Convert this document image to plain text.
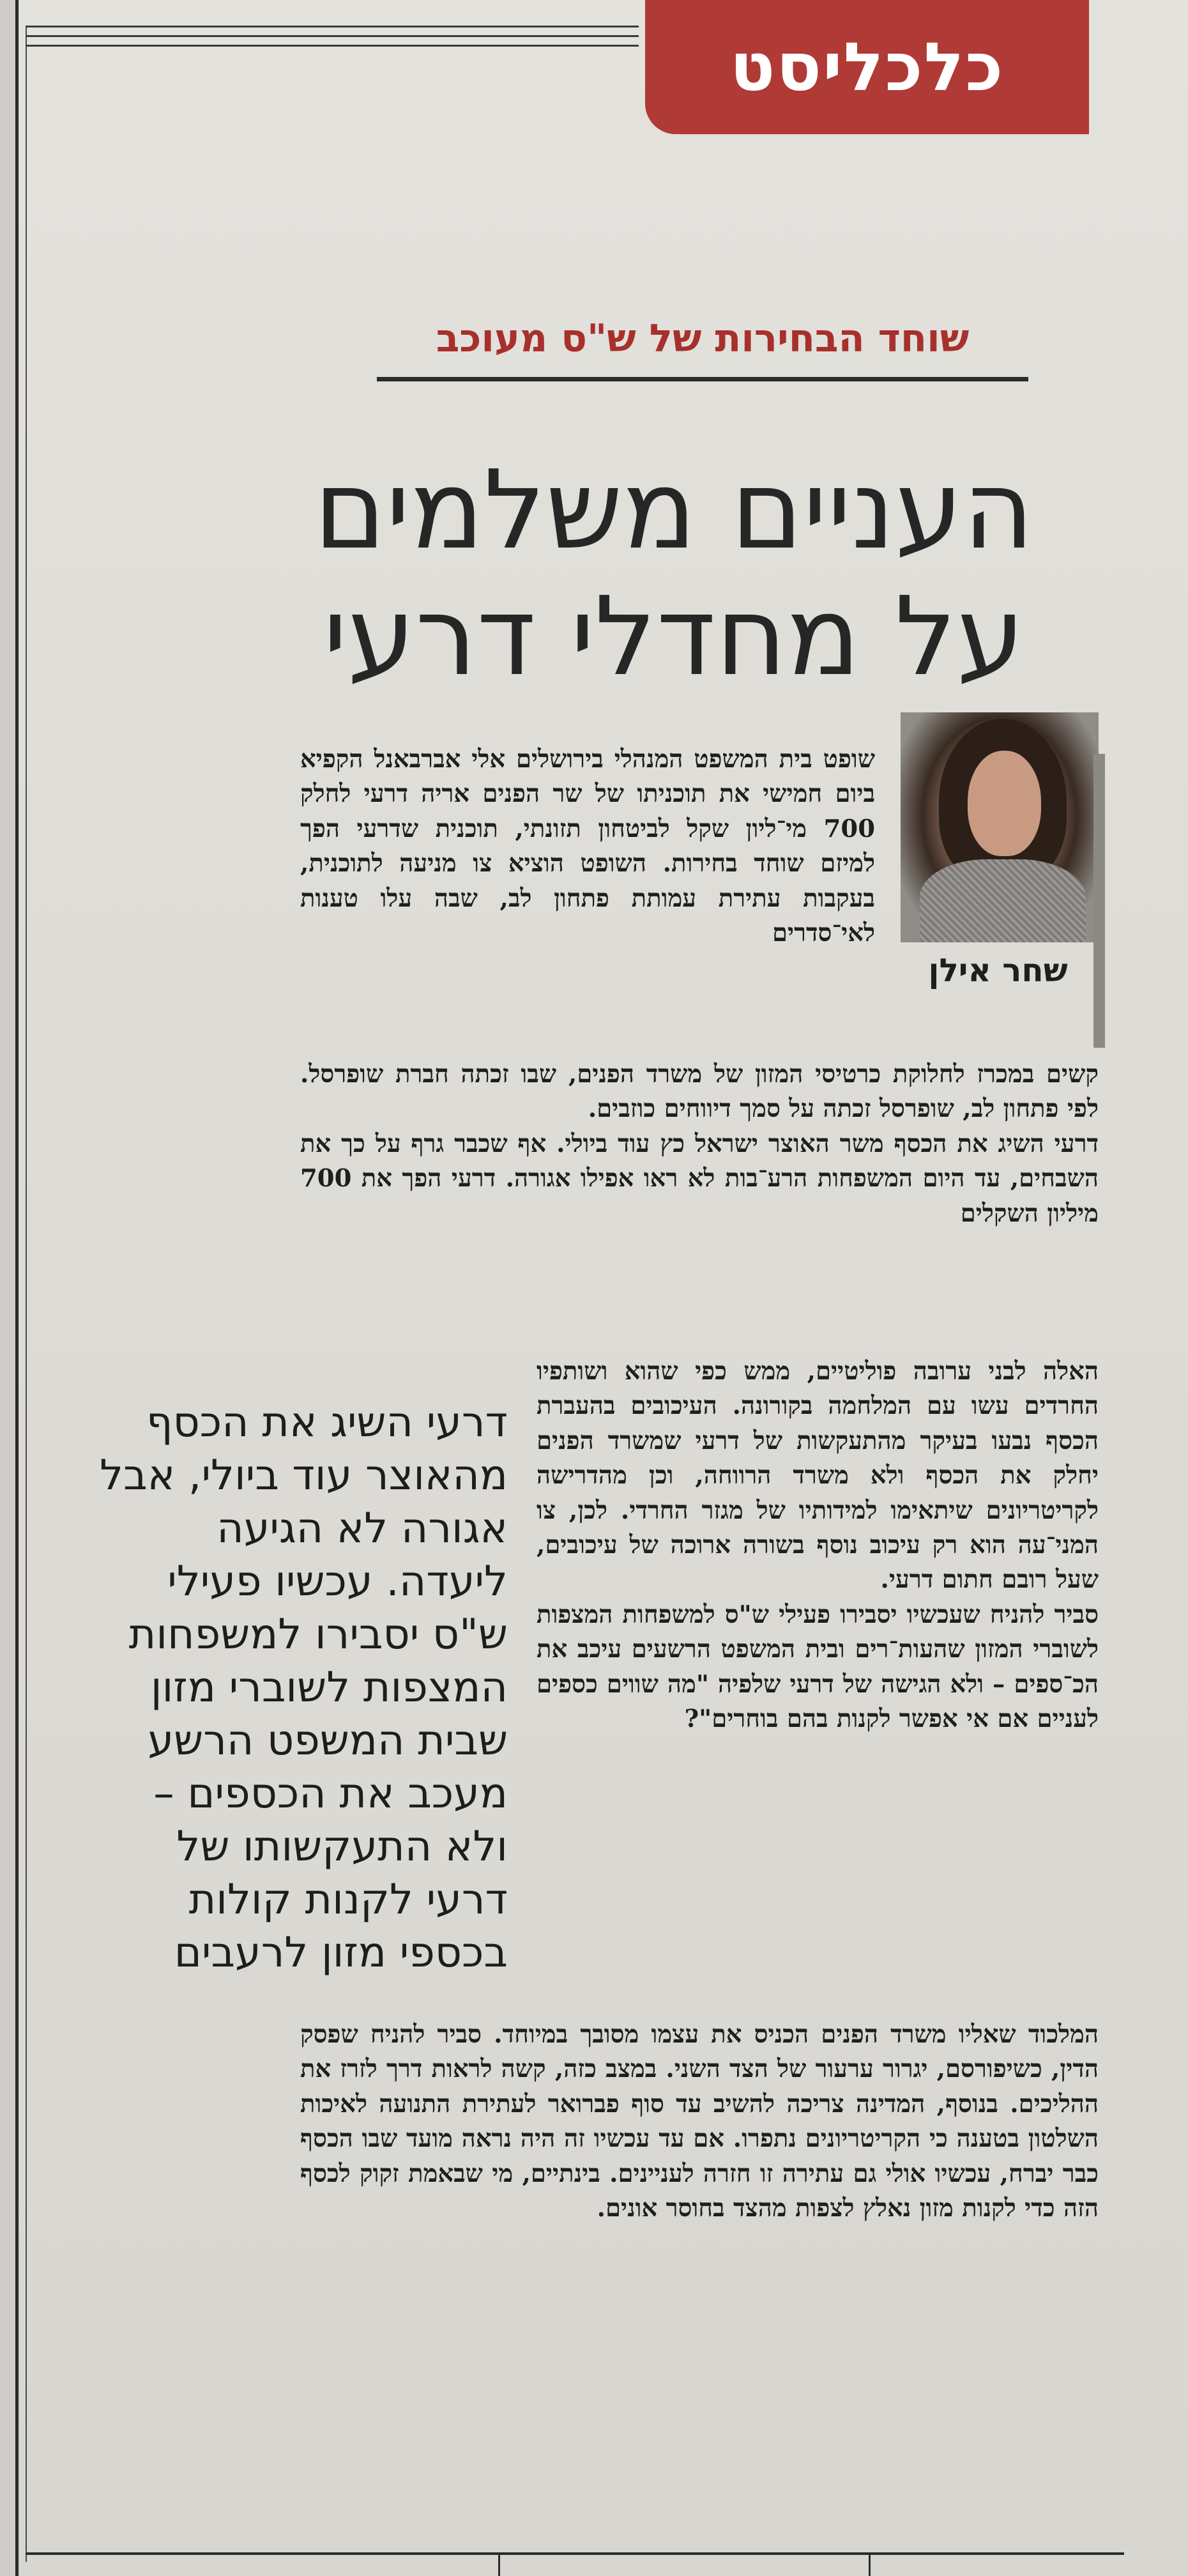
כלכליסט
שוחד הבחירות של ש"ס מעוכב
העניים משלמים
על מחדלי דרעי
שחר אילן

שופט בית המשפט המנהלי בירושלים אלי אברבאנל הקפיא ביום חמישי את תוכניתו של שר הפנים אריה דרעי לחלק 700 מי־ליון שקל לביטחון תזונתי, תוכנית שדרעי הפך למיזם שוחד בחירות. השופט הוציא צו מניעה לתוכנית, בעקבות עתירת עמותת פתחון לב, שבה עלו טענות לאי־סדרים

קשים במכרז לחלוקת כרטיסי המזון של משרד הפנים, שבו זכתה חברת שופרסל. לפי פתחון לב, שופרסל זכתה על סמך דיווחים כוזבים.

דרעי השיג את הכסף משר האוצר ישראל כץ עוד ביולי. אף שכבר גרף על כך את השבחים, עד היום המשפחות הרע־בות לא ראו אפילו אגורה. דרעי הפך את 700 מיליון השקלים

האלה לבני ערובה פוליטיים, ממש כפי שהוא ושותפיו החרדים עשו עם המלחמה בקורונה. העיכובים בהעברת הכסף נבעו בעיקר מהתעקשות של דרעי שמשרד הפנים יחלק את הכסף ולא משרד הרווחה, וכן מהדרישה לקריטריונים שיתאימו למידותיו של מגזר החרדי. לכן, צו המני־עה הוא רק עיכוב נוסף בשורה ארוכה של עיכובים, שעל רובם חתום דרעי.

סביר להניח שעכשיו יסבירו פעילי ש"ס למשפחות המצפות לשוברי המזון שהעות־רים ובית המשפט הרשעים עיכב את הכ־ספים – ולא הגישה של דרעי שלפיה "מה שווים כספים לעניים אם אי אפשר לקנות בהם בוחרים"?

דרעי השיג את הכסף מהאוצר עוד ביולי, אבל אגורה לא הגיעה ליעדה. עכשיו פעילי ש"ס יסבירו למשפחות המצפות לשוברי מזון שבית המשפט הרשע מעכב את הכספים – ולא התעקשותו של דרעי לקנות קולות בכספי מזון לרעבים

המלכוד שאליו משרד הפנים הכניס את עצמו מסובך במיוחד. סביר להניח שפסק הדין, כשיפורסם, יגרור ערעור של הצד השני. במצב כזה, קשה לראות דרך לזרז את ההליכים. בנוסף, המדינה צריכה להשיב עד סוף פברואר לעתירת התנועה לאיכות השלטון בטענה כי הקריטריונים נתפרו. אם עד עכשיו זה היה נראה מועד שבו הכסף כבר יברח, עכשיו אולי גם עתירה זו חזרה לעניינים. בינתיים, מי שבאמת זקוק לכסף הזה כדי לקנות מזון נאלץ לצפות מהצד בחוסר אונים.
